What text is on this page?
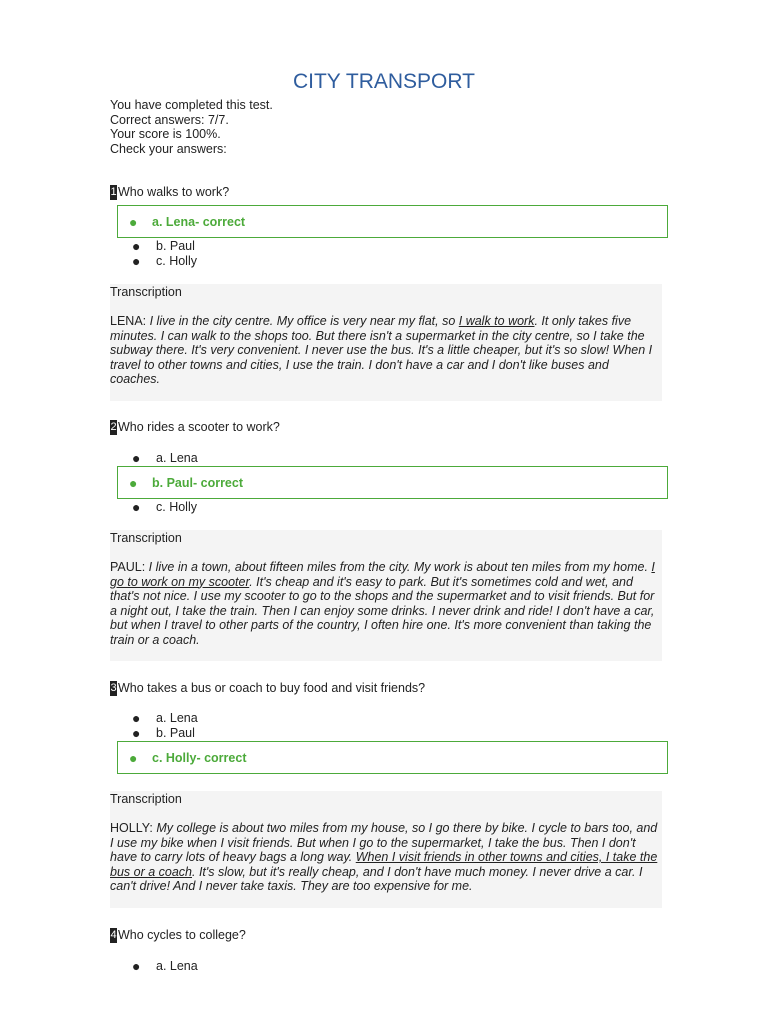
CITY TRANSPORT
You have completed this test.
Correct answers: 7/7.
Your score is 100%.
Check your answers:
1 Who walks to work?
● a. Lena- correct
● b. Paul
● c. Holly
Transcription
LENA: I live in the city centre. My office is very near my flat, so I walk to work. It only takes five minutes. I can walk to the shops too. But there isn't a supermarket in the city centre, so I take the subway there. It's very convenient. I never use the bus. It's a little cheaper, but it's so slow! When I travel to other towns and cities, I use the train. I don't have a car and I don't like buses and coaches.
2 Who rides a scooter to work?
● a. Lena
● b. Paul- correct
● c. Holly
Transcription
PAUL: I live in a town, about fifteen miles from the city. My work is about ten miles from my home. I go to work on my scooter. It's cheap and it's easy to park. But it's sometimes cold and wet, and that's not nice. I use my scooter to go to the shops and the supermarket and to visit friends. But for a night out, I take the train. Then I can enjoy some drinks. I never drink and ride! I don't have a car, but when I travel to other parts of the country, I often hire one. It's more convenient than taking the train or a coach.
3 Who takes a bus or coach to buy food and visit friends?
● a. Lena
● b. Paul
● c. Holly- correct
Transcription
HOLLY: My college is about two miles from my house, so I go there by bike. I cycle to bars too, and I use my bike when I visit friends. But when I go to the supermarket, I take the bus. Then I don't have to carry lots of heavy bags a long way. When I visit friends in other towns and cities, I take the bus or a coach. It's slow, but it's really cheap, and I don't have much money. I never drive a car. I can't drive! And I never take taxis. They are too expensive for me.
4 Who cycles to college?
● a. Lena
